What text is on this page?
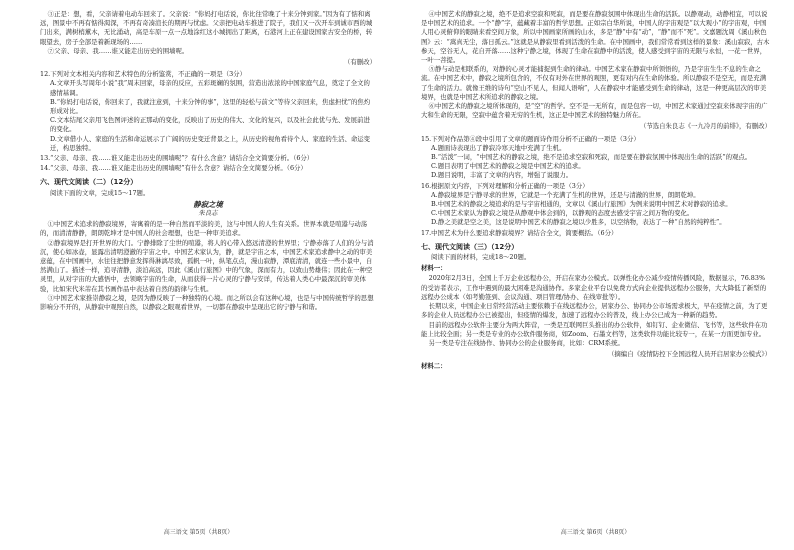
③正是：想，看，父亲请着电动车回来了。父亲说：“你妈打电话说，你比往常晚了十来分钟到家。”因为有了惦和离远，图景中不再有惦得渴深，不再有奇凑渲长的期再与忧虑。父亲把电动车推进了院子，我们又一次开车到诚市西的城门出来，满树梢薰木，无比涌动，高是车原一点一点地涂红这小城拥出了距离，石港河上正在建设国家古安全的桥，转眼望去，房子全部是着新现场的……

⑦父亲、母亲、我……谁又能走出历史的围墙呢。

（有删改）

12.下列对文本相关内容和艺术特色的分析鉴赏，不正确的一项是（3分）

A.文章开头写周年小说“我”周末回家，母亲的反应，五彩斑斓的氛围，营造出浓浓的中国家庭气息，奠定了全文的感情基调。

B.“你妈打电话说，你回来了，我就注意到，十来分钟的事”，这里的轻松与前文“等待父亲回来，焦虑担忧”的焦灼形成对比。

C.文本结尾父亲用飞色图评述的正那动的变化，反映出了历史的伟大、文化的复兴，以及社会此优与先、发展前进的变化。

D.文章借小人、家庭的生活和命运展示了广阔的历史变迁背景之上，从历史的视角看待个人、家庭的生活、命运变迁，构思独特。

13.“父亲、母亲、我……谁又能走出历史的围墙呢”？有什么含意？请结合全文简要分析。（6分）

14.“父亲、母亲、我……谁又能走出历史的围墙呢”有什么含意？请结合全文简要分析。（6分）

六、现代文阅读（二）（12分）

阅读下面的文章，完成15～17题。

静寂之境

朱良志

①中国艺术追求的静寂境界，寄寓着的是一种自然而平淡的美，这与中国人的人生有关系。世界本就是喧嚣与动荡的，而清清静静，朗朗乾坤才是中国人的社会理想，也是一种审美追求。

②静寂境界是打开世界的大门。宁静排除了尘世的喧嚣，将人的心带入悠远清澄的世界里；宁静赤落了人们的分与消沉，使心如冰壶，显露出清明澄澈的宇宙之中。中国艺术家认为，静，就是宇宙之本，中国艺术家追求静中之动的审美意蕴，在中国画中，水往往把静意发挥得淋漓尽致，孤帆一叶，纵笔点点，漫山寂静，潭底清清，就连一些小景中，自然满山了。描述一样，追寻清静，淡泊高远，因此《溪山行旅图》中的气象，深而有力，以致山势雄伟；因此在一种空灵里，从对宇宙的大感悟中，去领略宇宙的生命，从而获得一片心灵的宁静与安详，传达着人类心中最深沉的审美体验，比如宋代米芾在其书画作品中表达着自然的韵律与生机。

③中国艺术家推崇静寂之境，是因为静反映了一种独特的心境。而之所以会有这种心境，也是与中国传统哲学的思想影响分不开的，从静寂中观照自然，以静寂之眼观看世界，一切都在静寂中呈现出它的宁静与和谐。

高三语文 第5页（共8页）

④中国艺术的静寂之境，绝不是追求空寂和死寂，而是要在静寂氛围中体现出生命的活跃。以静观动，动静相宜，可以说是中国艺术的追求。一个“静”字，蕴藏着丰富的哲学思想。正如宗白华所说，中国人的宇宙观是“以大观小”的宇宙观，中国人用心灵俯仰的眼睛来看空间万象，所以中国画家所画的山水，多是“静”中有“动”，“静”而不“死”。文嘉题沈周《溪山秋色图》云：“嵩真无尘，落日孤云。”这就是从静寂里看到活泼的生命。在中国画中，我们常常看到这样的景象：溪山寂寂，古木参天，空谷无人，花自开落……这种宁静之境，体现了生命在寂静中的活泼，使人感受到宇宙的无限与永恒，一花一世界，一叶一菩提。

⑤静与动是相联系的，对静的心灵才能捕捉到生命的律动。中国艺术家在静寂中所领悟的，乃是宇宙生生不息的生命之流。在中国艺术中，静寂之境所包含的，不仅有对外在世界的观照，更有对内在生命的体验。所以静寂不是空无，而是充满了生命的活力。就像王维的诗句“空山不见人，但闻人语响”，人在静寂中才能感受到生命的律动，这是一种更高层次的审美境界，也就是中国艺术所追求的静寂之境。

⑥中国艺术的静寂之境所体现的，是“空”的哲学。空不是一无所有，而是包容一切，中国艺术家通过空寂来体现宇宙的广大和生命的无限，空寂中蕴含着无穷的生机，这正是中国艺术的独特魅力所在。

（节选自朱良志《一九冷月的前绯》，有删改）

15.下列对作品第④段中引用了文章的题面诗作用分析不正确的一项是（3分）

A.题面诗表现出了静寂冷寒天地中充满了生机。

B.“活泼”一词，“中国艺术的静寂之境，绝不是追求空寂和死寂，而是要在静寂氛围中体现出生命的活跃”的观点。

C.题目表明了中国艺术的静寂之境是中国艺术的追求。

D.题目说明，丰富了文章的内容，增强了说服力。

16.根据原文内容，下列对理解和分析正确的一项是（3分）

A.静寂境界是宁静寻求的世界，它就是一个充满了生机的世界，还是与清澈的世界，朗朗乾坤。

B.中国艺术的静寂之境追求的是与宇宙相通的，文章以《溪山行旅图》为例来说明中国艺术对静寂的追求。

C.中国艺术家认为静寂之境是从静观中体会到的，以静观的态度去感受宇宙之间万物的变化。

D.静之美就是空之美，这是说明中国艺术的静寂之境以少胜多，以空纳物，表达了一种“自然的纯粹性”。

17.中国艺术为什么要追求静寂境界？请结合全文，简要概括。（6分）

七、现代文阅读（三）（12分）

阅读下面的材料，完成18～20题。

材料一：

2020年2月3日，全国上千万企业远程办公，开启在家办公模式。以弹性化办公减少疫情传播风险，数据显示，76.83%的受访者表示，工作中遇到的最大困难是沟通协作。多家企业平台以免费方式向企业提供远程办公服务，大大降低了新型的远程办公成本（如考勤签到、会议沟通、项目管理/协办、在线审批等）。

长期以来，中国企业日常经营活动主要依赖于在线远程办公，居家办公、协同办公市场需求极大，早在疫情之前，为了更多的企业人员远程办公已被提出，但疫情的爆发，加速了远程办公的普及，线上办公已成为一种新的趋势。

目前的远程办公软件主要分为两大阵营，一类是互联网巨头推出的办公软件，如钉钉、企业微信、飞书等，这些软件在功能上比较全面；另一类是专业的办公软件服务商，如Zoom、石墨文档等，这类软件功能比较专一，在某一方面更加专业。

另一类是专注在线协作、协同办公的企业服务商，比如：CRM系统。

（摘编自《疫情防控下全国远程人员开启居家办公模式》）

材料二：

高三语文 第6页（共8页）
